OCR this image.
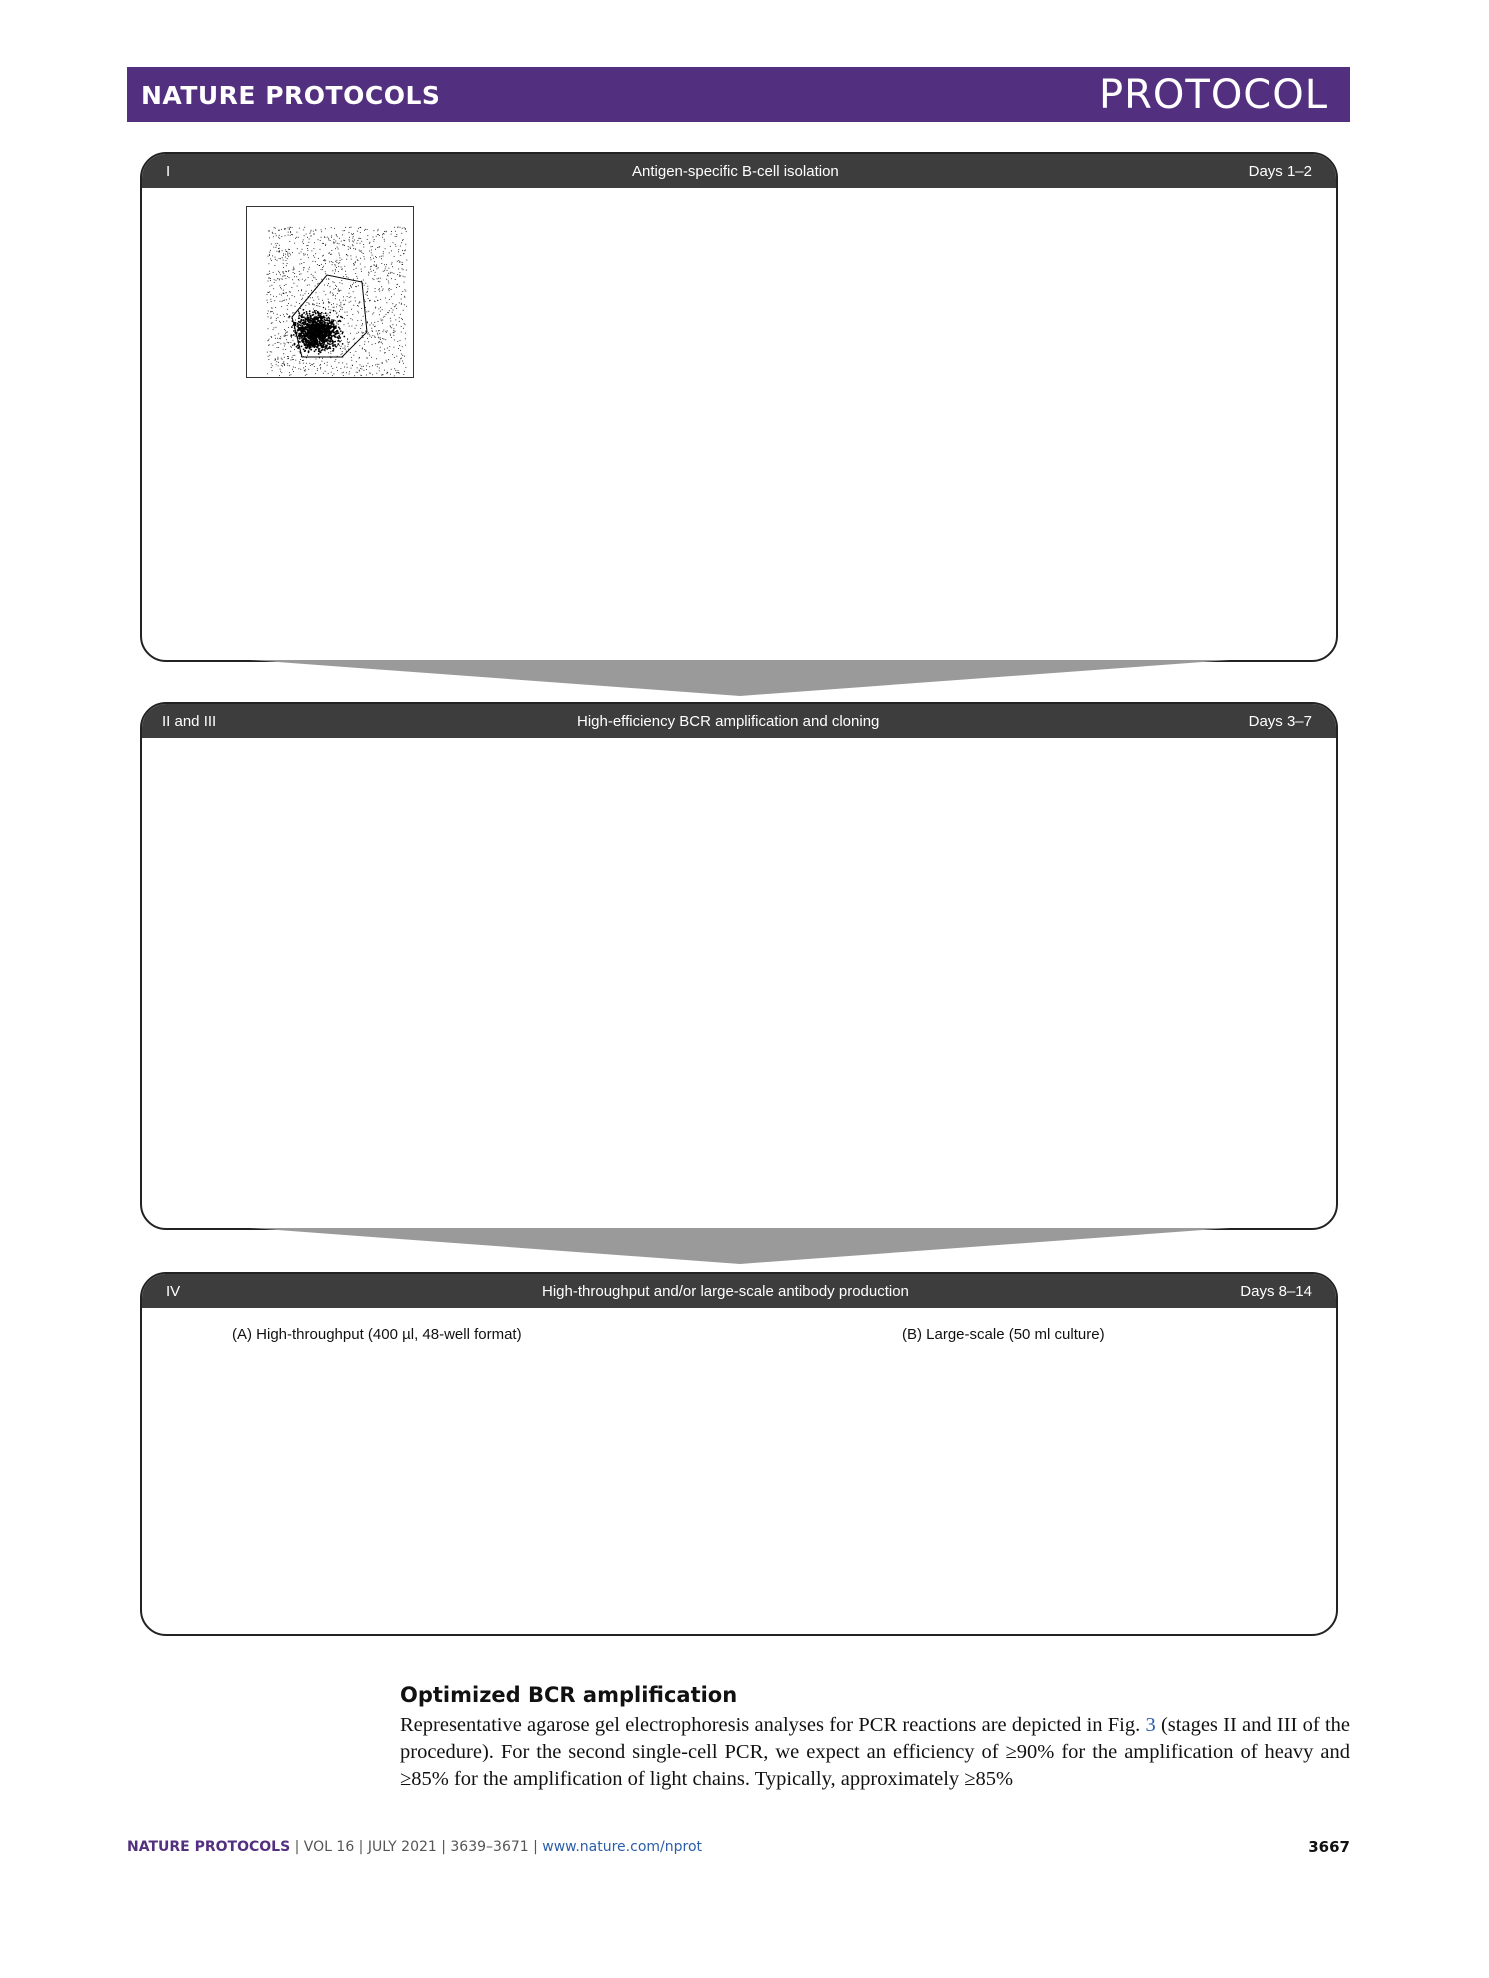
NATURE PROTOCOLS	PROTOCOL
I	Antigen-specific B-cell isolation	Days 1–2
II and III	High-efficiency BCR amplification and cloning	Days 3–7
IV	High-throughput and/or large-scale antibody production	Days 8–14
(A) High-throughput (400 µl, 48-well format)	(B) Large-scale (50 ml culture)
Optimized BCR amplification
Representative agarose gel electrophoresis analyses for PCR reactions are depicted in Fig. 3 (stages II and III of the procedure). For the second single-cell PCR, we expect an efficiency of ≥90% for the amplification of heavy and ≥85% for the amplification of light chains. Typically, approximately ≥85%
NATURE PROTOCOLS | VOL 16 | JULY 2021 | 3639–3671 | www.nature.com/nprot	3667
